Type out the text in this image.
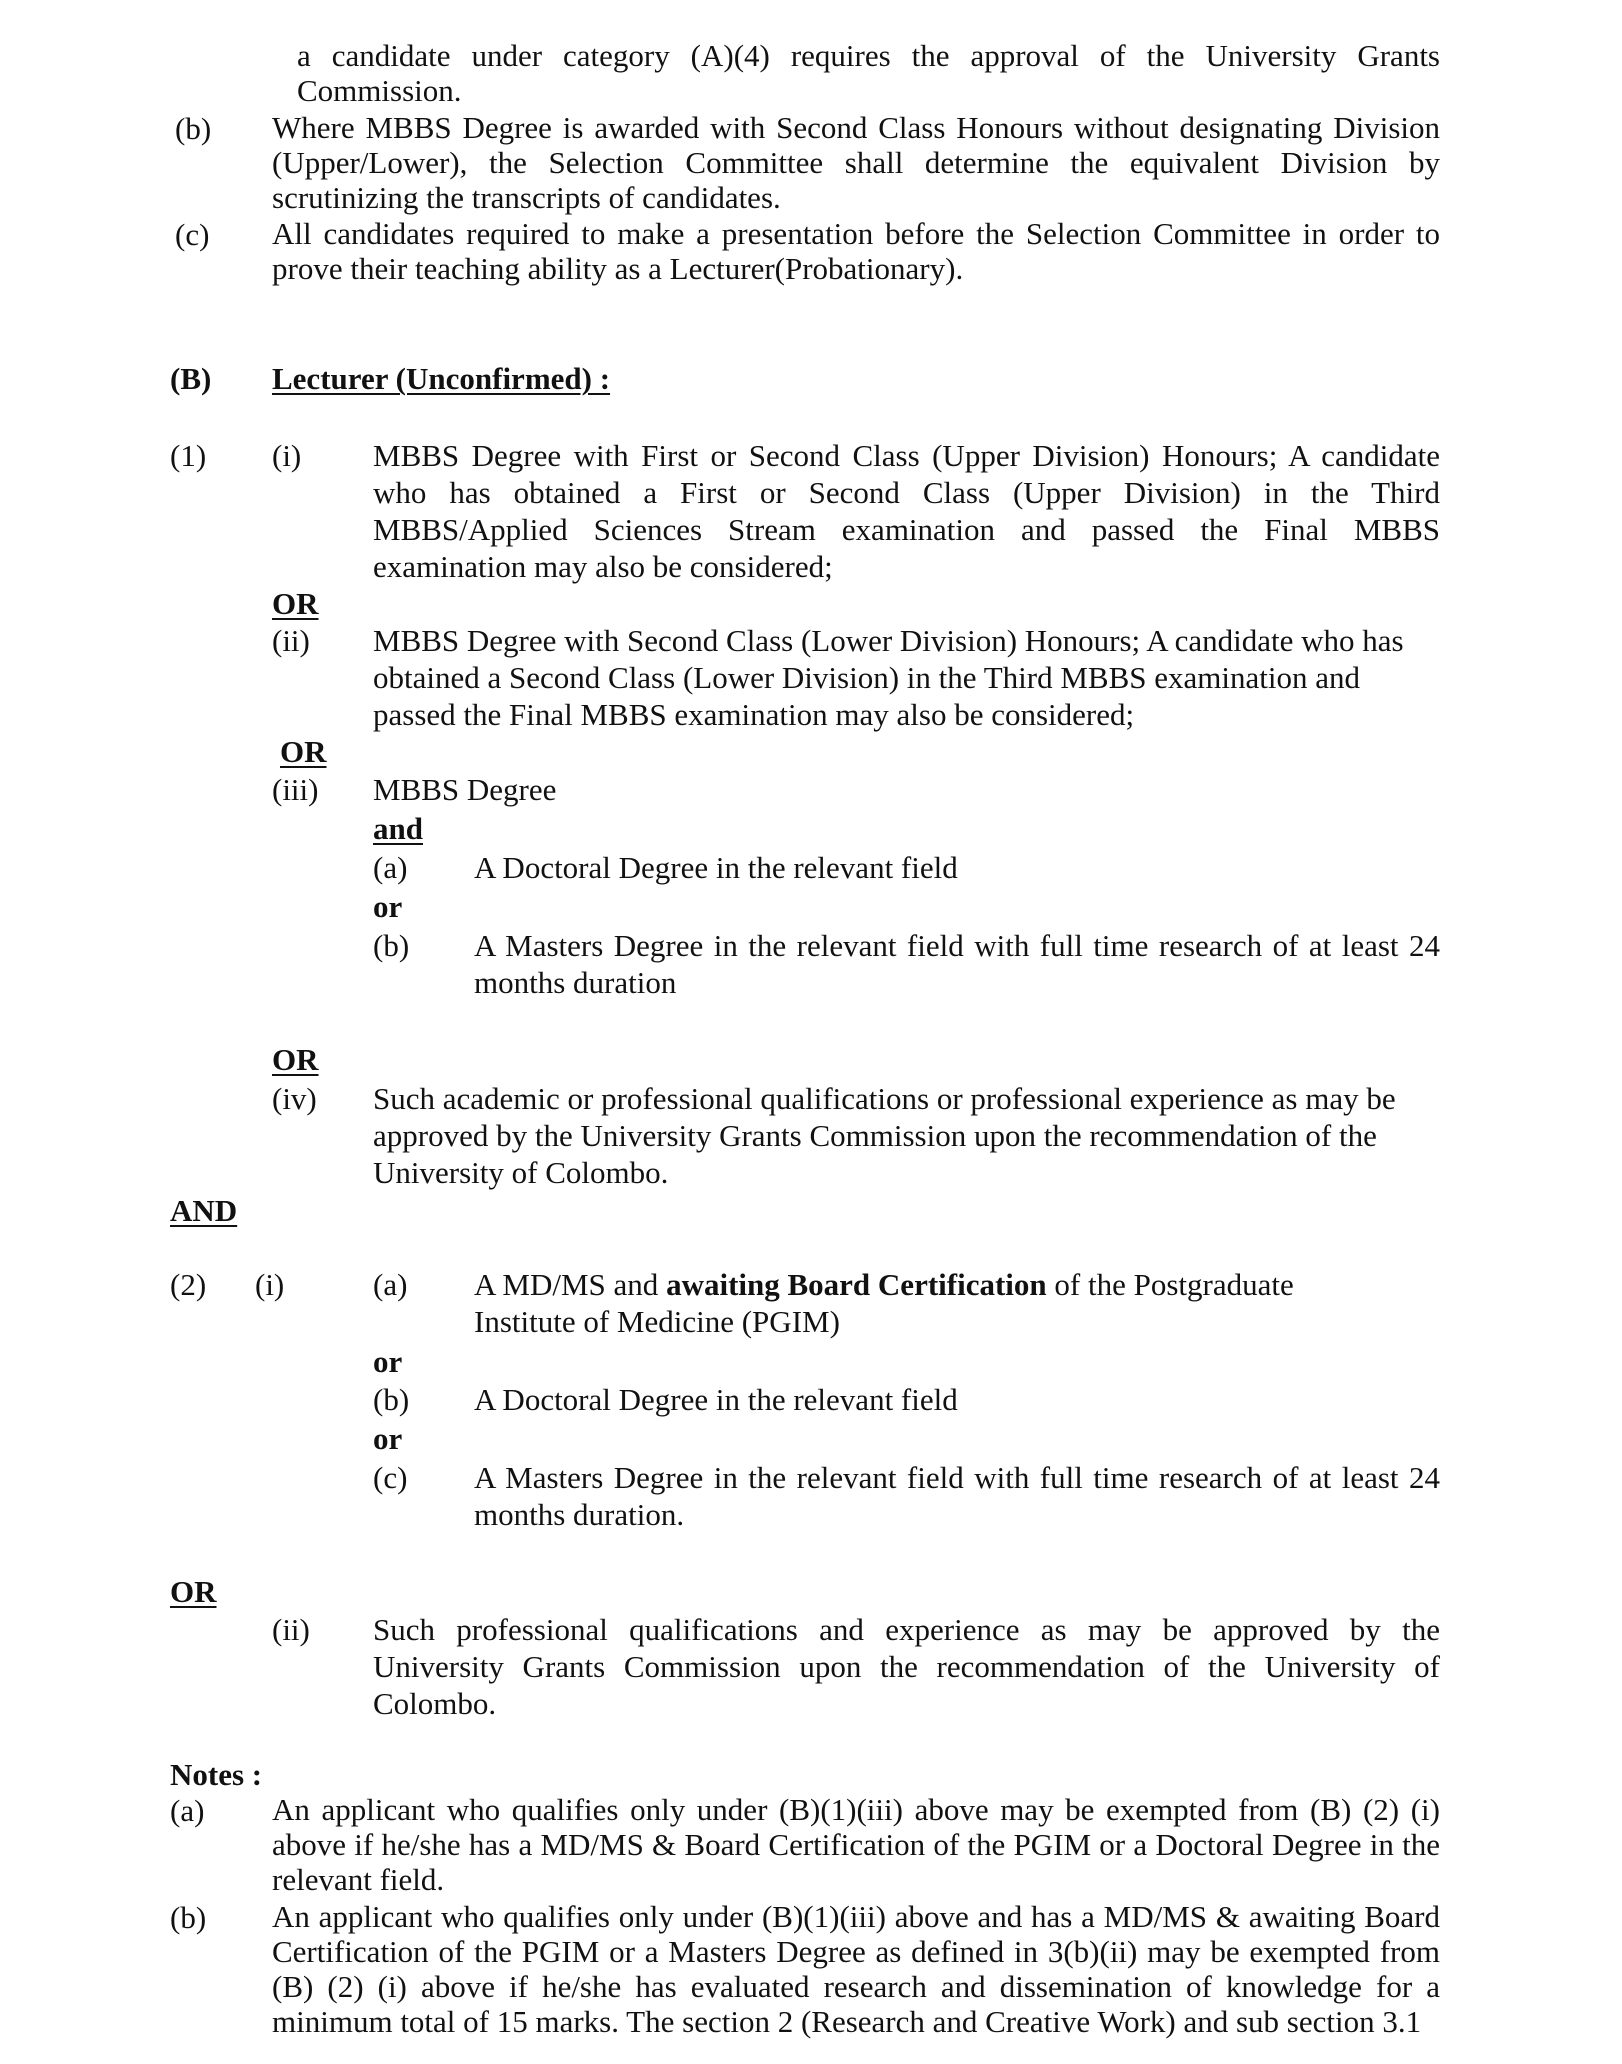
a candidate under category (A)(4) requires the approval of the University Grants Commission.
(b) Where MBBS Degree is awarded with Second Class Honours without designating Division (Upper/Lower), the Selection Committee shall determine the equivalent Division by scrutinizing the transcripts of candidates.
(c) All candidates required to make a presentation before the Selection Committee in order to prove their teaching ability as a Lecturer(Probationary).
(B) Lecturer (Unconfirmed) :
(1) (i) MBBS Degree with First or Second Class (Upper Division) Honours; A candidate who has obtained a First or Second Class (Upper Division) in the Third MBBS/Applied Sciences Stream examination and passed the Final MBBS examination may also be considered;
OR
(ii) MBBS Degree with Second Class (Lower Division) Honours; A candidate who has obtained a Second Class (Lower Division) in the Third MBBS examination and passed the Final MBBS examination may also be considered;
OR
(iii) MBBS Degree
and
(a) A Doctoral Degree in the relevant field
or
(b) A Masters Degree in the relevant field with full time research of at least 24 months duration
OR
(iv) Such academic or professional qualifications or professional experience as may be approved by the University Grants Commission upon the recommendation of the University of Colombo.
AND
(2) (i)	(a) A MD/MS and awaiting Board Certification of the Postgraduate Institute of Medicine (PGIM)
or
(b) A Doctoral Degree in the relevant field
or
(c) A Masters Degree in the relevant field with full time research of at least 24 months duration.
OR
(ii) Such professional qualifications and experience as may be approved by the University Grants Commission upon the recommendation of the University of Colombo.
Notes :
(a) An applicant who qualifies only under (B)(1)(iii) above may be exempted from (B) (2) (i) above if he/she has a MD/MS & Board Certification of the PGIM or a Doctoral Degree in the relevant field.
(b) An applicant who qualifies only under (B)(1)(iii) above and has a MD/MS & awaiting Board Certification of the PGIM or a Masters Degree as defined in 3(b)(ii) may be exempted from (B) (2) (i) above if he/she has evaluated research and dissemination of knowledge for a minimum total of 15 marks. The section 2 (Research and Creative Work) and sub section 3.1
